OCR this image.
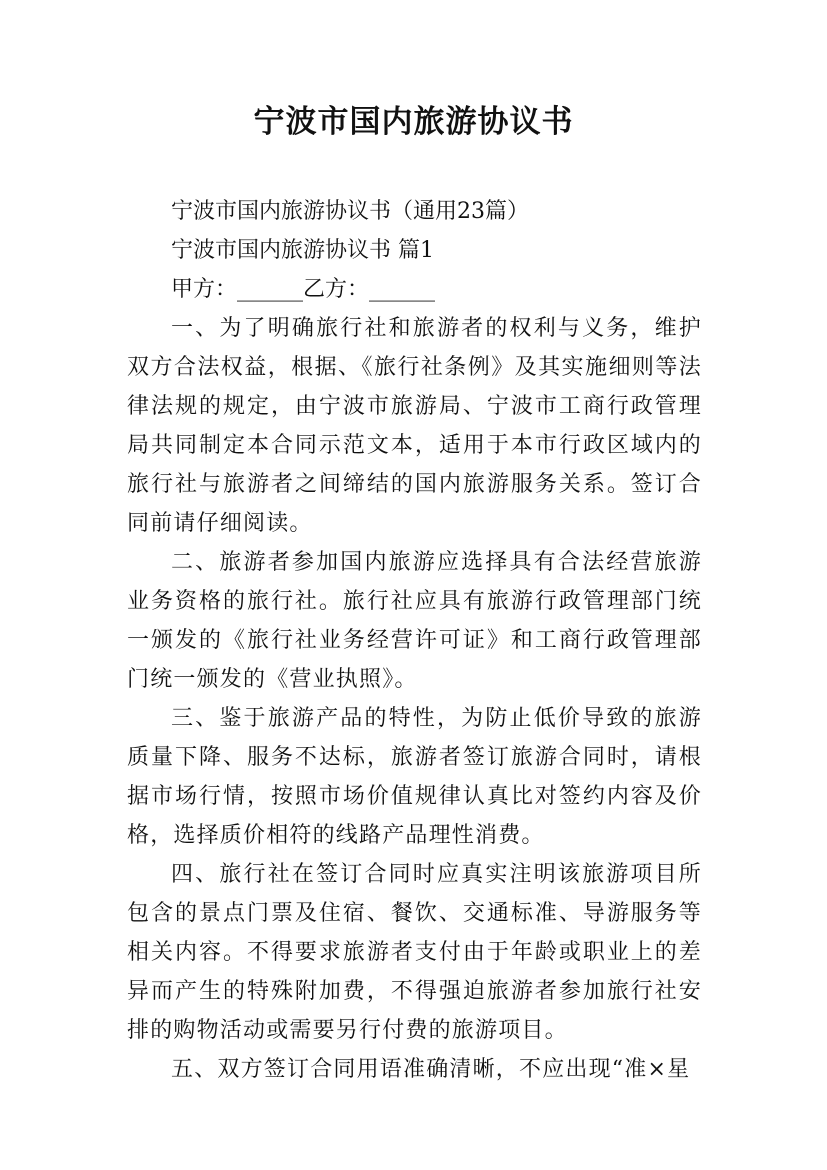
宁波市国内旅游协议书

宁波市国内旅游协议书（通用23篇）

宁波市国内旅游协议书 篇1

甲方：______乙方：______

一、为了明确旅行社和旅游者的权利与义务，维护双方合法权益，根据、《旅行社条例》及其实施细则等法律法规的规定，由宁波市旅游局、宁波市工商行政管理局共同制定本合同示范文本，适用于本市行政区域内的旅行社与旅游者之间缔结的国内旅游服务关系。签订合同前请仔细阅读。

二、旅游者参加国内旅游应选择具有合法经营旅游业务资格的旅行社。旅行社应具有旅游行政管理部门统一颁发的《旅行社业务经营许可证》和工商行政管理部门统一颁发的《营业执照》。

三、鉴于旅游产品的特性，为防止低价导致的旅游质量下降、服务不达标，旅游者签订旅游合同时，请根据市场行情，按照市场价值规律认真比对签约内容及价格，选择质价相符的线路产品理性消费。

四、旅行社在签订合同时应真实注明该旅游项目所包含的景点门票及住宿、餐饮、交通标准、导游服务等相关内容。不得要求旅游者支付由于年龄或职业上的差异而产生的特殊附加费，不得强迫旅游者参加旅行社安排的购物活动或需要另行付费的旅游项目。

五、双方签订合同用语准确清晰，不应出现“准×星
